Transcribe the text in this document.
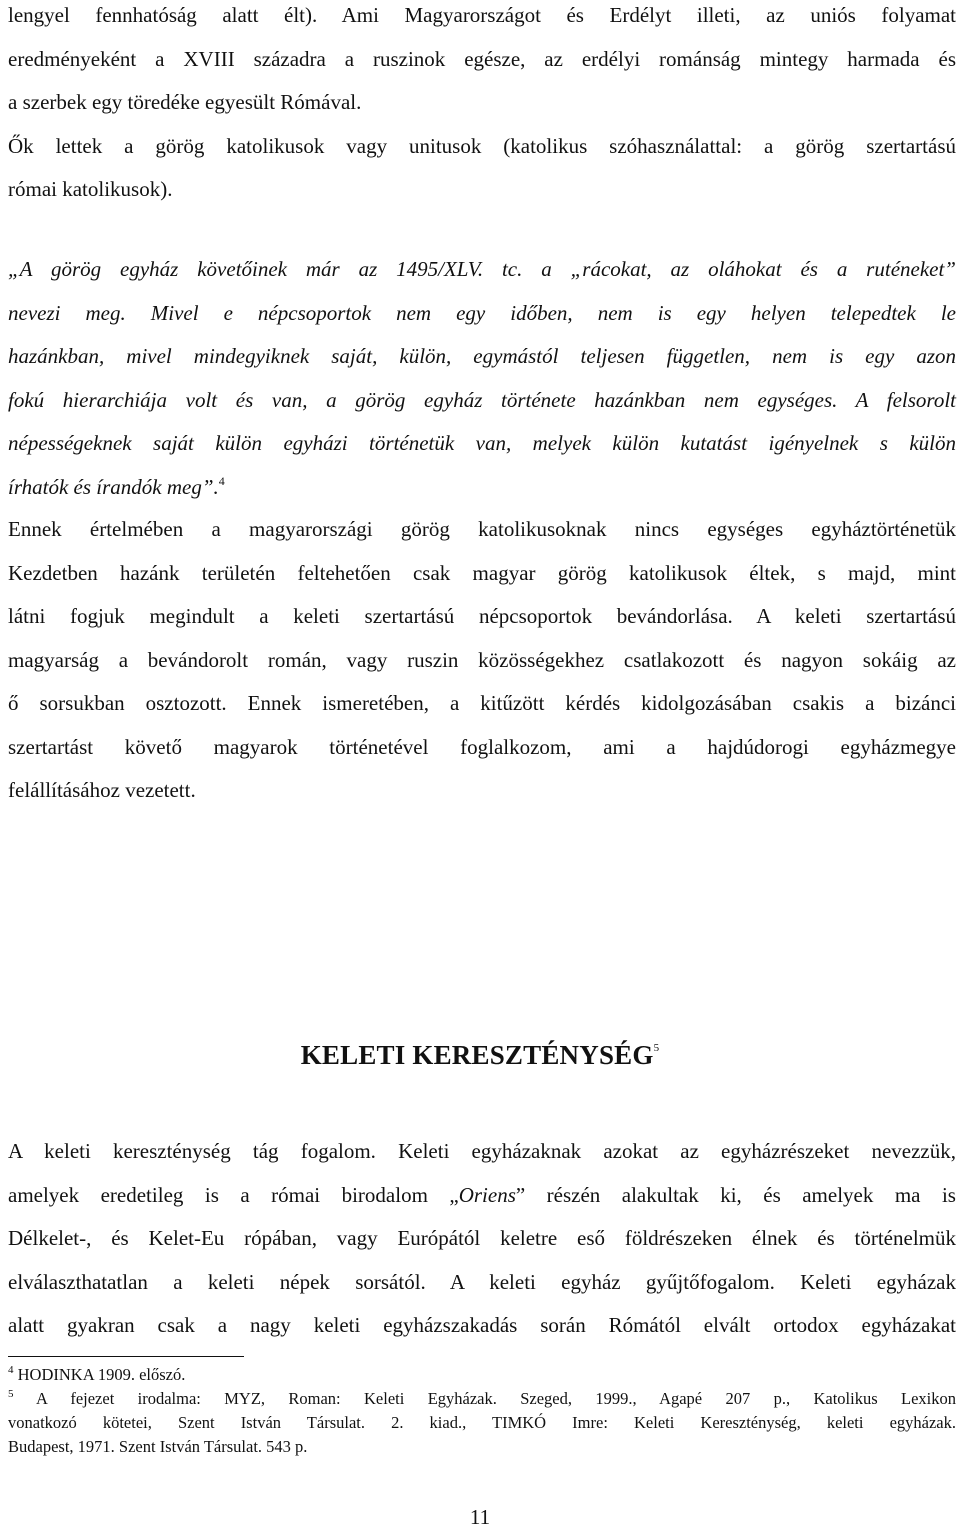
lengyel fennhatóság alatt élt). Ami Magyarországot és Erdélyt illeti, az uniós folyamat
eredményeként a XVIII századra a ruszinok egésze, az erdélyi románság mintegy harmada és
a szerbek egy töredéke egyesült Rómával.
Ők lettek a görög katolikusok vagy unitusok (katolikus szóhasználattal: a görög szertartású
római katolikusok).
„A görög egyház követőinek már az 1495/XLV. tc. a „rácokat, az oláhokat és a ruténeket”
nevezi meg. Mivel e népcsoportok nem egy időben, nem is egy helyen telepedtek le
hazánkban, mivel mindegyiknek saját, külön, egymástól teljesen független, nem is egy azon
fokú hierarchiája volt és van, a görög egyház története hazánkban nem egységes. A felsorolt
népességeknek saját külön egyházi történetük van, melyek külön kutatást igényelnek s külön
írhatók és írandók meg”.$^4$
Ennek értelmében a magyarországi görög katolikusoknak nincs egységes egyháztörténetük
Kezdetben hazánk területén feltehetően csak magyar görög katolikusok éltek, s majd, mint
látni fogjuk megindult a keleti szertartású népcsoportok bevándorlása. A keleti szertartású
magyarság a bevándorolt román, vagy ruszin közösségekhez csatlakozott és nagyon sokáig az
ő sorsukban osztozott. Ennek ismeretében, a kitűzött kérdés kidolgozásában csakis a bizánci
szertartást követő magyarok történetével foglalkozom, ami a hajdúdorogi egyházmegye
felállításához vezetett.
KELETI KERESZTÉNYSÉG$^5$
A keleti kereszténység tág fogalom. Keleti egyházaknak azokat az egyházrészeket nevezzük,
amelyek eredetileg is a római birodalom „Oriens” részén alakultak ki, és amelyek ma is
Délkelet-, és Kelet-Eu rópában, vagy Európától keletre eső földrészeken élnek és történelmük
elválaszthatatlan a keleti népek sorsától. A keleti egyház gyűjtőfogalom. Keleti egyházak
alatt gyakran csak a nagy keleti egyházszakadás során Rómától elvált ortodox egyházakat
$^4$ HODINKA 1909. előszó.
$^5$ A fejezet irodalma: MYZ, Roman: Keleti Egyházak. Szeged, 1999., Agapé 207 p., Katolikus Lexikon
vonatkozó kötetei, Szent István Társulat. 2. kiad., TIMKÓ Imre: Keleti Kereszténység, keleti egyházak.
Budapest, 1971. Szent István Társulat. 543 p.
11
